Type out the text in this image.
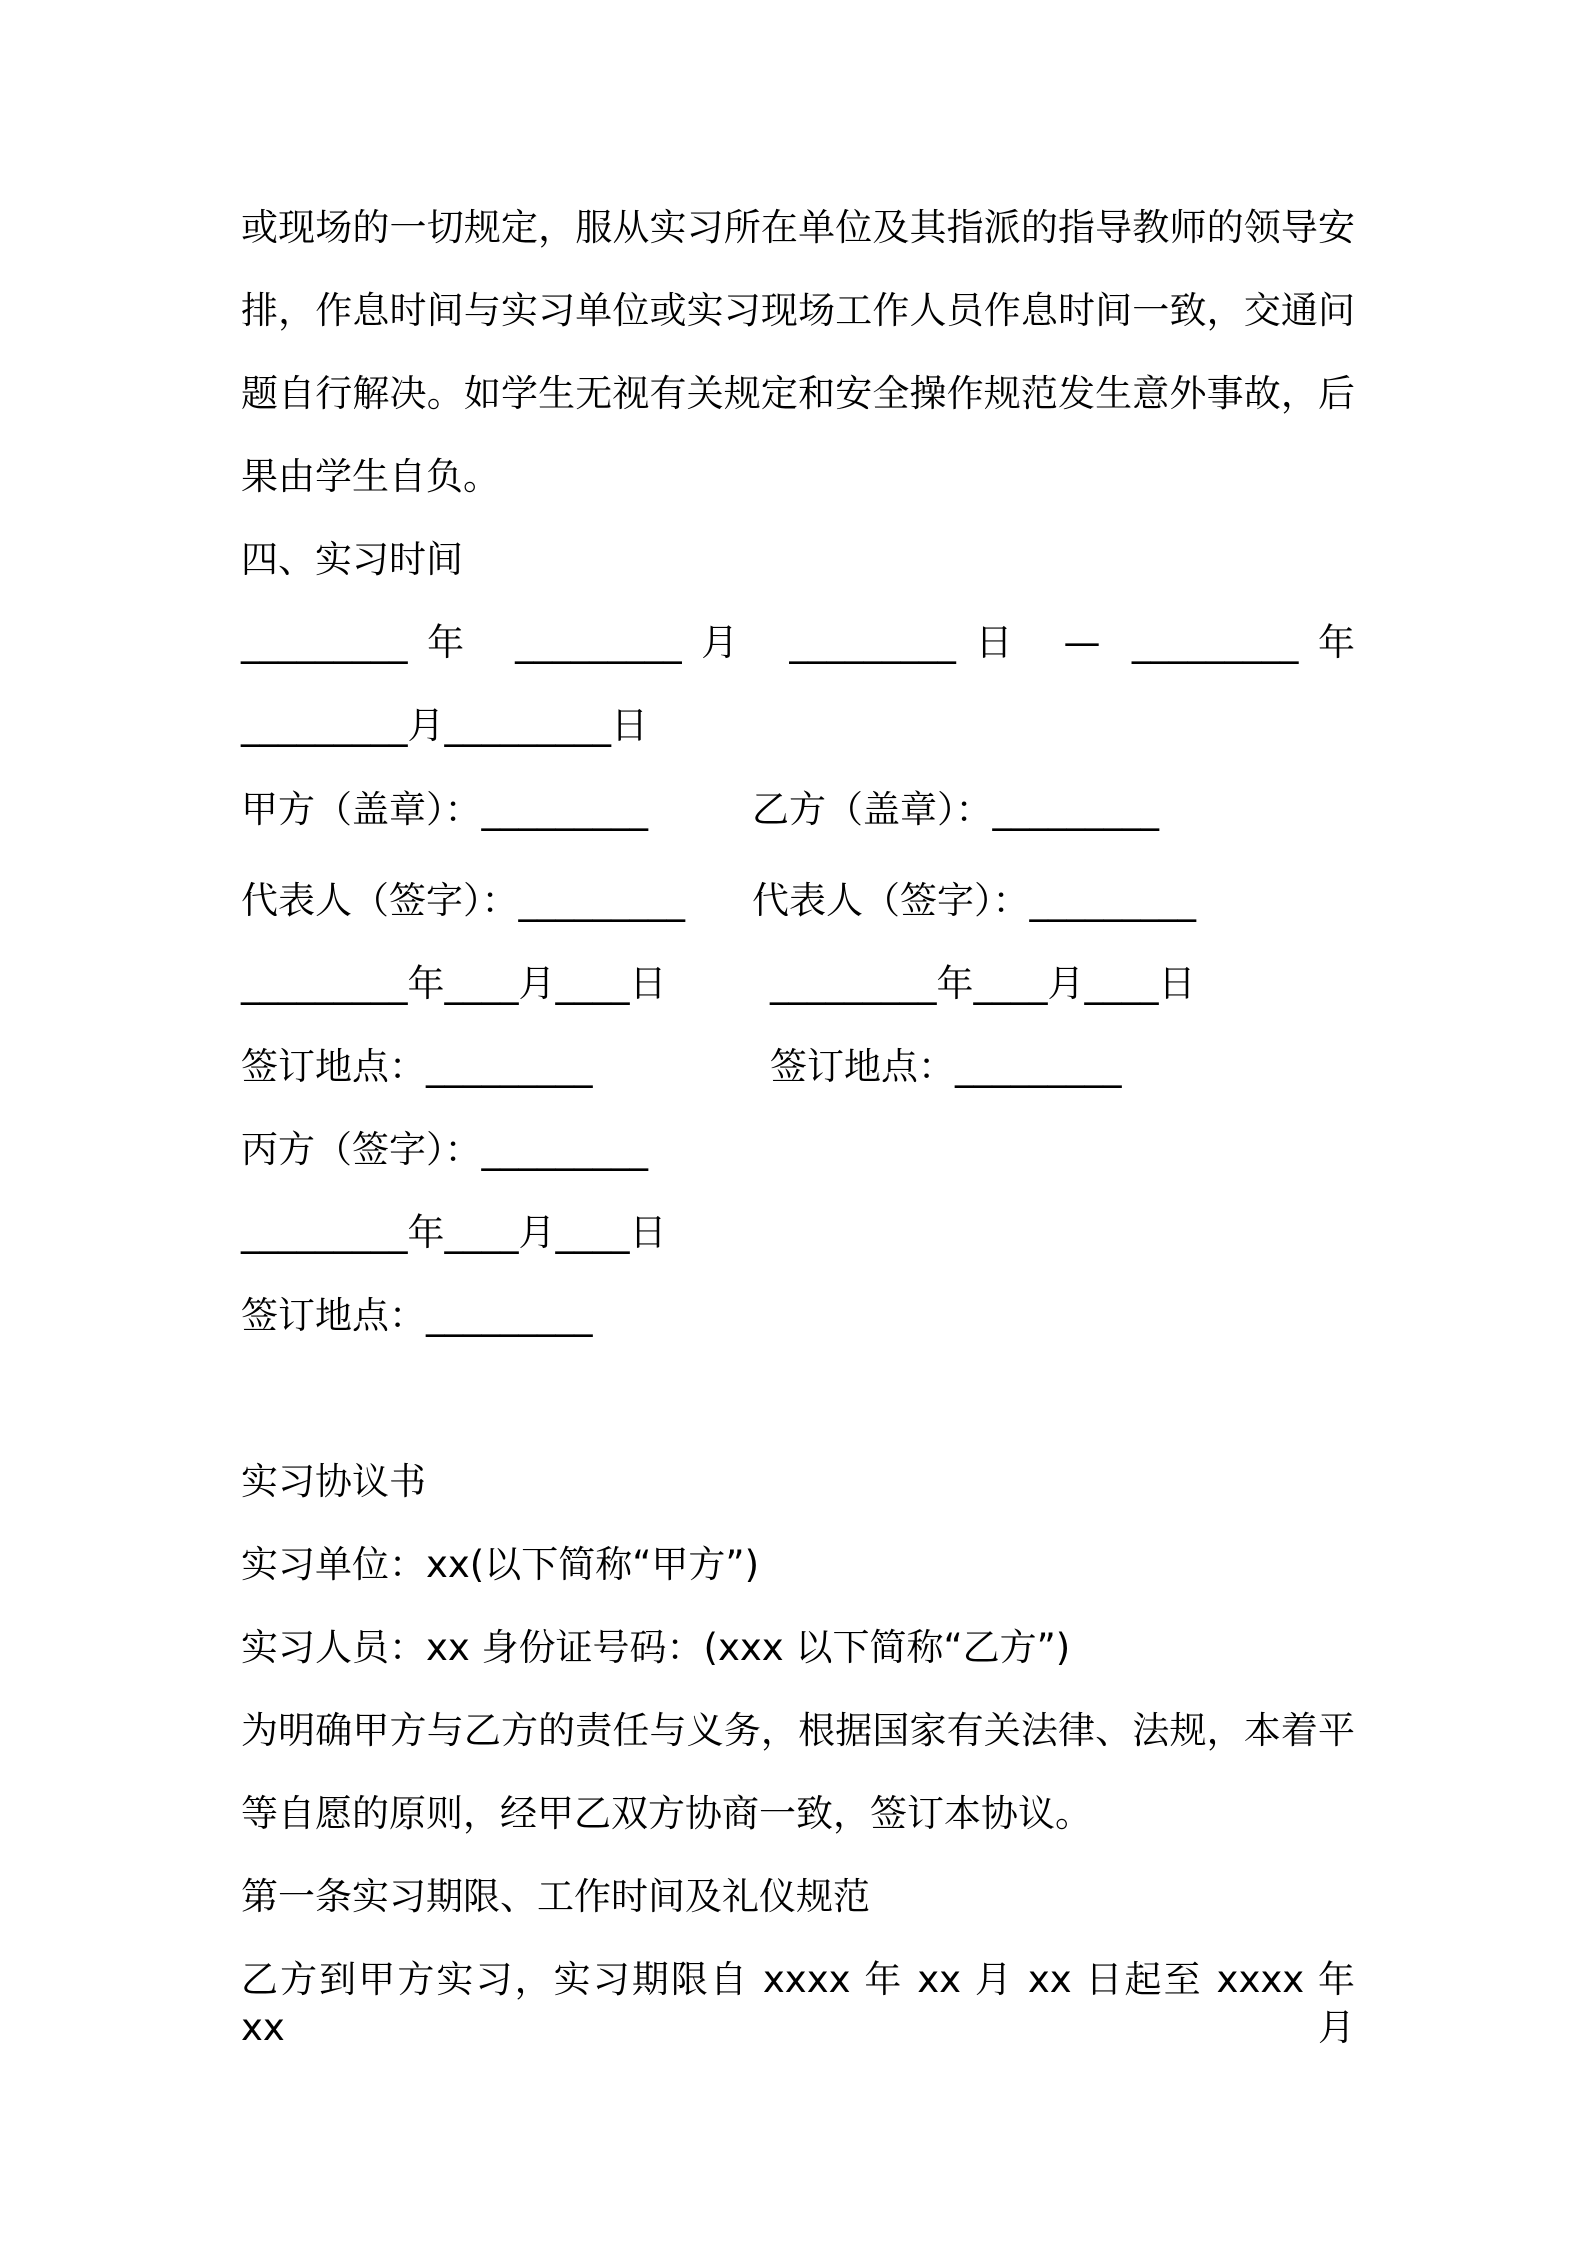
或现场的一切规定，服从实习所在单位及其指派的指导教师的领导安

排，作息时间与实习单位或实习现场工作人员作息时间一致，交通问

题自行解决。如学生无视有关规定和安全操作规范发生意外事故，后

果由学生自负。

四、实习时间

_________年 _________月 _________日 — _________年

_________月_________日

甲方（盖章）：_________	乙方（盖章）：_________

代表人（签字）：_________ 代表人（签字）：_________

_________年____月____日	_________年____月____日

签订地点：_________	签订地点：_________

丙方（签字）：_________

_________年____月____日

签订地点：_________

实习协议书

实习单位：xx(以下简称“甲方”)

实习人员：xx 身份证号码：(xxx 以下简称“乙方”)

为明确甲方与乙方的责任与义务，根据国家有关法律、法规，本着平

等自愿的原则，经甲乙双方协商一致，签订本协议。

第一条实习期限、工作时间及礼仪规范

乙方到甲方实习，实习期限自 xxxx 年 xx 月 xx 日起至 xxxx 年 xx 月
